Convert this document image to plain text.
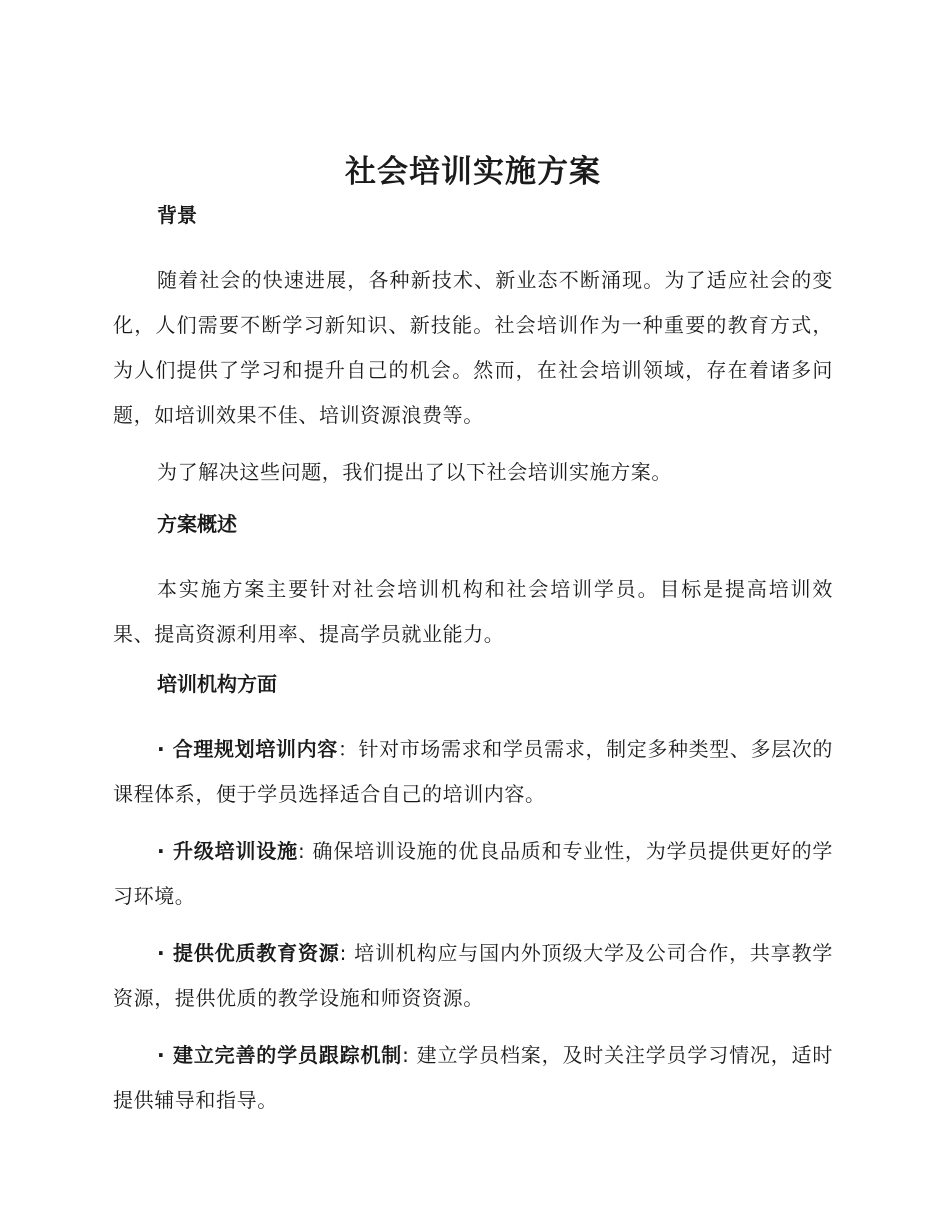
社会培训实施方案
背景

随着社会的快速进展，各种新技术、新业态不断涌现。为了适应社会的变化，人们需要不断学习新知识、新技能。社会培训作为一种重要的教育方式，为人们提供了学习和提升自己的机会。然而，在社会培训领域，存在着诸多问题，如培训效果不佳、培训资源浪费等。

为了解决这些问题，我们提出了以下社会培训实施方案。

方案概述

本实施方案主要针对社会培训机构和社会培训学员。目标是提高培训效果、提高资源利用率、提高学员就业能力。

培训机构方面

· 合理规划培训内容：针对市场需求和学员需求，制定多种类型、多层次的课程体系，便于学员选择适合自己的培训内容。

· 升级培训设施: 确保培训设施的优良品质和专业性，为学员提供更好的学习环境。

· 提供优质教育资源: 培训机构应与国内外顶级大学及公司合作，共享教学资源，提供优质的教学设施和师资资源。

· 建立完善的学员跟踪机制: 建立学员档案，及时关注学员学习情况，适时提供辅导和指导。
